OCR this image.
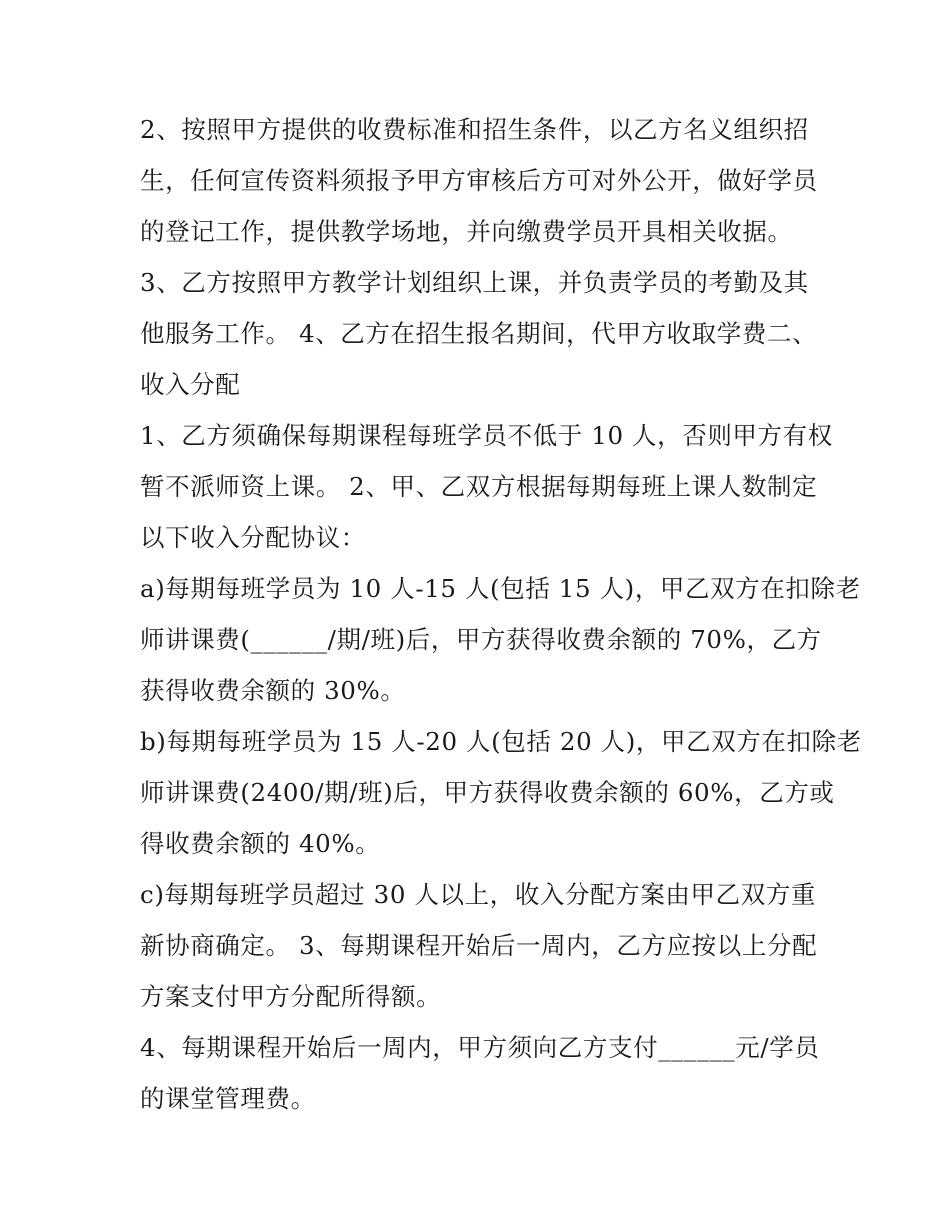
2、按照甲方提供的收费标准和招生条件，以乙方名义组织招
生，任何宣传资料须报予甲方审核后方可对外公开，做好学员
的登记工作，提供教学场地，并向缴费学员开具相关收据。
3、乙方按照甲方教学计划组织上课，并负责学员的考勤及其
他服务工作。 4、乙方在招生报名期间，代甲方收取学费二、
收入分配
1、乙方须确保每期课程每班学员不低于 10 人，否则甲方有权
暂不派师资上课。 2、甲、乙双方根据每期每班上课人数制定
以下收入分配协议：
a)每期每班学员为 10 人-15 人(包括 15 人)，甲乙双方在扣除老
师讲课费(______/期/班)后，甲方获得收费余额的 70%，乙方
获得收费余额的 30%。
b)每期每班学员为 15 人-20 人(包括 20 人)，甲乙双方在扣除老
师讲课费(2400/期/班)后，甲方获得收费余额的 60%，乙方或
得收费余额的 40%。
c)每期每班学员超过 30 人以上，收入分配方案由甲乙双方重
新协商确定。 3、每期课程开始后一周内，乙方应按以上分配
方案支付甲方分配所得额。
4、每期课程开始后一周内，甲方须向乙方支付______元/学员
的课堂管理费。
